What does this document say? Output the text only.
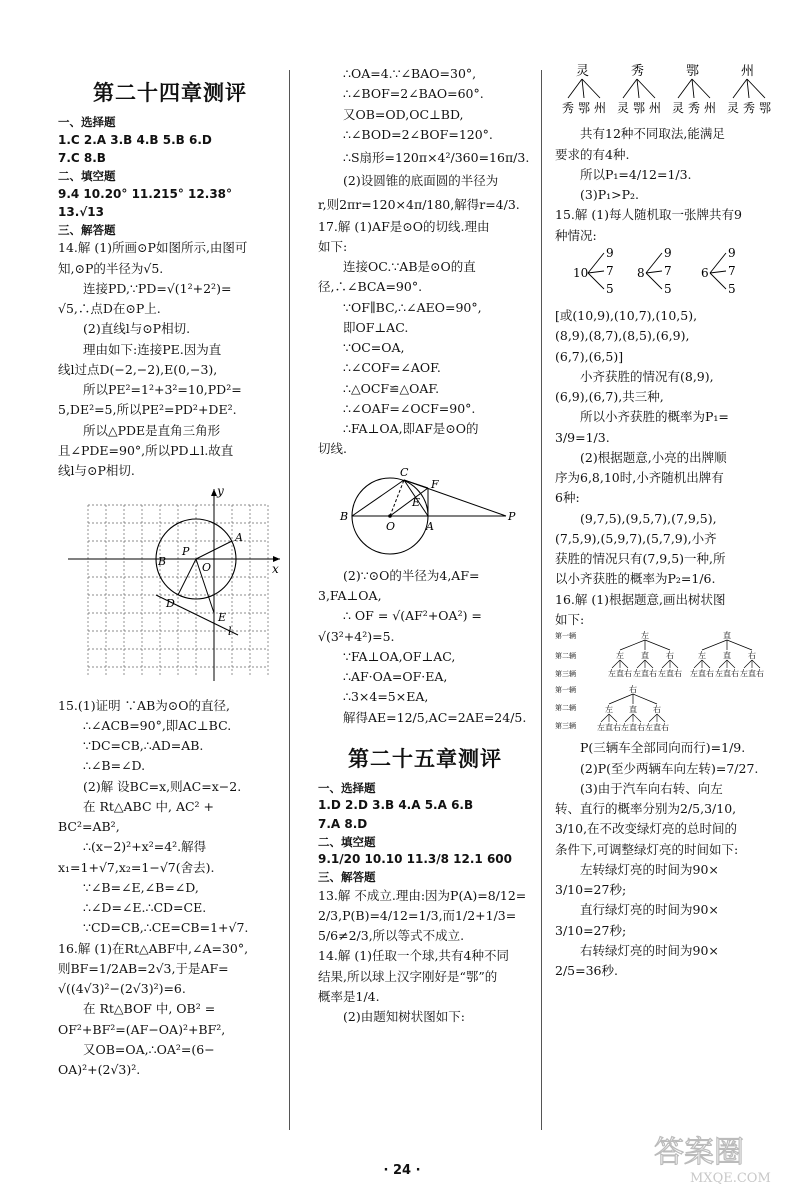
第二十四章测评
一、选择题
1.C 2.A 3.B 4.B 5.B 6.D
7.C 8.B
二、填空题
9.4 10.20° 11.215° 12.38° 13.√13
三、解答题

14.解 (1)所画⊙P如图所示,由图可

知,⊙P的半径为√5.

连接PD,∵PD=√(1²+2²)=

√5,∴点D在⊙P上.

(2)直线l与⊙P相切.

理由如下:连接PE.因为直

线l过点D(−2,−2),E(0,−3),

所以PE²=1²+3²=10,PD²=

5,DE²=5,所以PE²=PD²+DE².

所以△PDE是直角三角形

且∠PDE=90°,所以PD⊥l.故直

线l与⊙P相切.

y
x
O
P
A
D
E
l
B

15.(1)证明 ∵AB为⊙O的直径,

∴∠ACB=90°,即AC⊥BC.

∵DC=CB,∴AD=AB.

∴∠B=∠D.

(2)解 设BC=x,则AC=x−2.

在 Rt△ABC 中, AC² +

BC²=AB²,

∴(x−2)²+x²=4².解得

x₁=1+√7,x₂=1−√7(舍去).

∵∠B=∠E,∠B=∠D,

∴∠D=∠E.∴CD=CE.

∵CD=CB,∴CE=CB=1+√7.

16.解 (1)在Rt△ABF中,∠A=30°,

则BF=1/2AB=2√3,于是AF=

√((4√3)²−(2√3)²)=6.

在 Rt△BOF 中, OB² =

OF²+BF²=(AF−OA)²+BF²,

又OB=OA,∴OA²=(6−

OA)²+(2√3)².

∴OA=4.∵∠BAO=30°,

∴∠BOF=2∠BAO=60°.

又OB=OD,OC⊥BD,

∴∠BOD=2∠BOF=120°.

∴S扇形=120π×4²/360=16π/3.

(2)设圆锥的底面圆的半径为

r,则2πr=120×4π/180,解得r=4/3.

17.解 (1)AF是⊙O的切线.理由

如下:

连接OC.∵AB是⊙O的直

径,∴∠BCA=90°.

∵OF∥BC,∴∠AEO=90°,

即OF⊥AC.

∵OC=OA,

∴∠COF=∠AOF.

∴△OCF≌△OAF.

∴∠OAF=∠OCF=90°.

∴FA⊥OA,即AF是⊙O的

切线.

C
F
E
B
O	A
P

(2)∵⊙O的半径为4,AF=

3,FA⊥OA,

∴ OF = √(AF²+OA²) =

√(3²+4²)=5.

∵FA⊥OA,OF⊥AC,

∴AF·OA=OF·EA,

∴3×4=5×EA,

解得AE=12/5,AC=2AE=24/5.

第二十五章测评
一、选择题
1.D 2.D 3.B 4.A 5.A 6.B
7.A 8.D
二、填空题
9.1/20 10.10 11.3/8 12.1 600
三、解答题

13.解 不成立.理由:因为P(A)=8/12=

2/3,P(B)=4/12=1/3,而1/2+1/3=

5/6≠2/3,所以等式不成立.

14.解 (1)任取一个球,共有4种不同

结果,所以球上汉字刚好是“鄂”的

概率是1/4.

(2)由题知树状图如下:

灵
秀 鄂 州
秀
灵 鄂 州
鄂
灵 秀 州
州
灵 秀 鄂

共有12种不同取法,能满足

要求的有4种.

所以P₁=4/12=1/3.

(3)P₁>P₂.

15.解 (1)每人随机取一张牌共有9

种情况:

10
9
7
5
8
9
7
5
6
9
7
5

[或(10,9),(10,7),(10,5),

(8,9),(8,7),(8,5),(6,9),

(6,7),(6,5)]

小齐获胜的情况有(8,9),

(6,9),(6,7),共三种,

所以小齐获胜的概率为P₁=

3/9=1/3.

(2)根据题意,小亮的出牌顺

序为6,8,10时,小齐随机出牌有

6种:

(9,7,5),(9,5,7),(7,9,5),

(7,5,9),(5,9,7),(5,7,9),小齐

获胜的情况只有(7,9,5)一种,所

以小齐获胜的概率为P₂=1/6.

16.解 (1)根据题意,画出树状图

如下:

第一辆
第二辆
第三辆
左
左
左 直 右
直
左 直 右
右
左 直 右
直
左
左 直 右
直
左 直 右
右
左 直 右
第一辆
第二辆
第三辆
右
左
左 直 右
直
左 直 右
右
左 直 右

P(三辆车全部同向而行)=1/9.

(2)P(至少两辆车向左转)=7/27.

(3)由于汽车向右转、向左

转、直行的概率分别为2/5,3/10,

3/10,在不改变绿灯亮的总时间的

条件下,可调整绿灯亮的时间如下:

左转绿灯亮的时间为90×

3/10=27秒;

直行绿灯亮的时间为90×

3/10=27秒;

右转绿灯亮的时间为90×

2/5=36秒.

· 24 ·
答案圈
MXQE.COM
